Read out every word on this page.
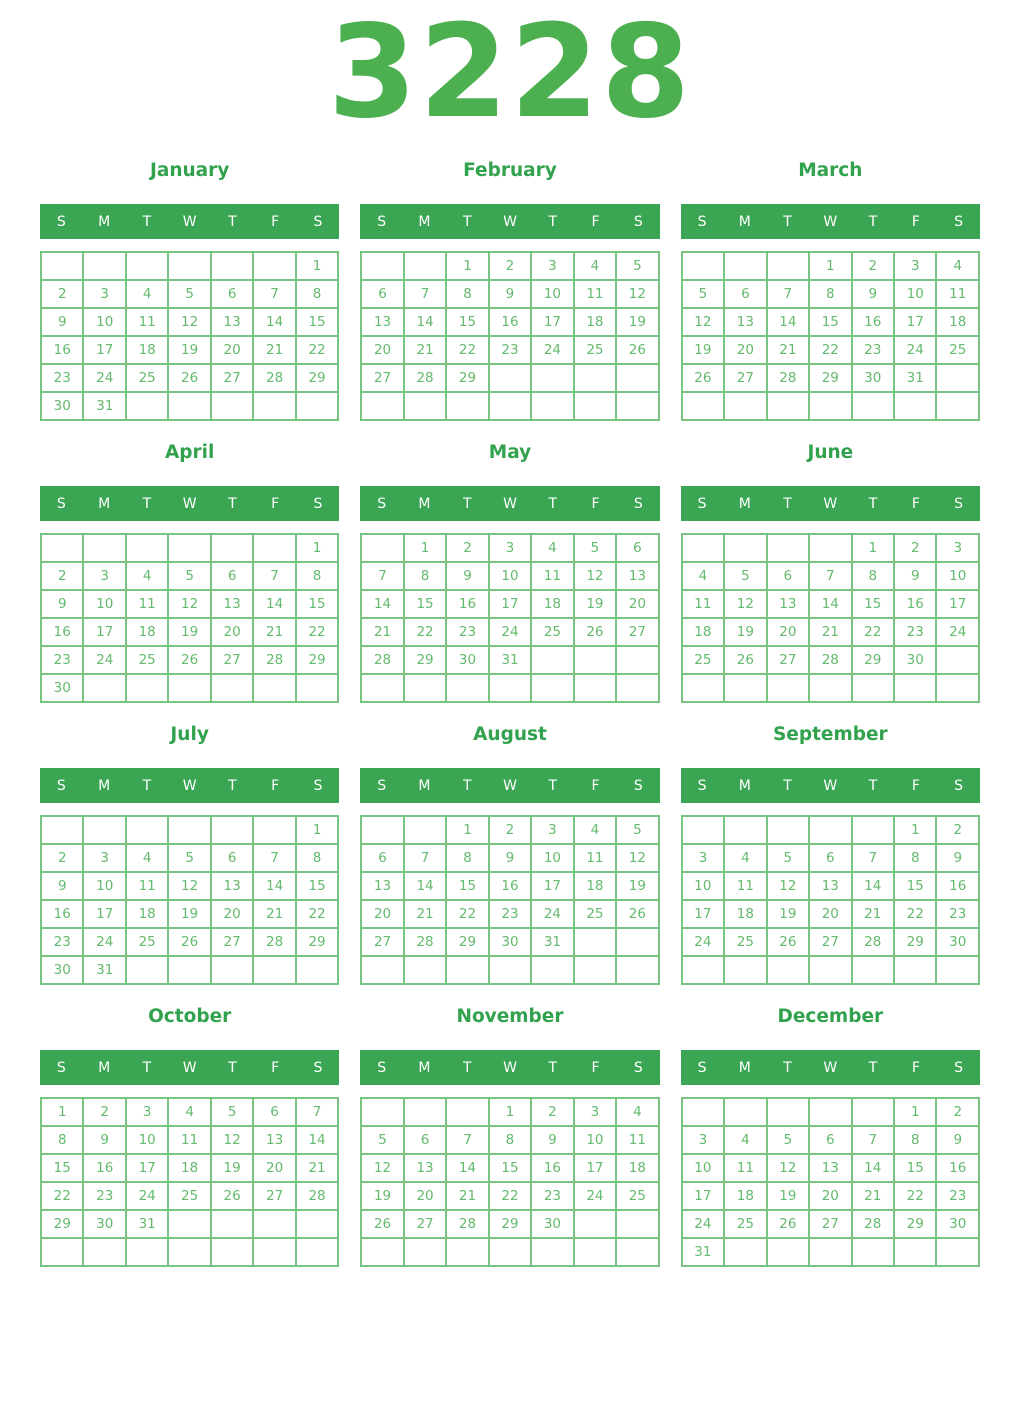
3228
January
S	M	T	W	T	F	S
						1
2	3	4	5	6	7	8
9	10	11	12	13	14	15
16	17	18	19	20	21	22
23	24	25	26	27	28	29
30	31					
February
S	M	T	W	T	F	S
		1	2	3	4	5
6	7	8	9	10	11	12
13	14	15	16	17	18	19
20	21	22	23	24	25	26
27	28	29				

March
S	M	T	W	T	F	S
			1	2	3	4
5	6	7	8	9	10	11
12	13	14	15	16	17	18
19	20	21	22	23	24	25
26	27	28	29	30	31	

April
S	M	T	W	T	F	S
						1
2	3	4	5	6	7	8
9	10	11	12	13	14	15
16	17	18	19	20	21	22
23	24	25	26	27	28	29
30						
May
S	M	T	W	T	F	S
	1	2	3	4	5	6
7	8	9	10	11	12	13
14	15	16	17	18	19	20
21	22	23	24	25	26	27
28	29	30	31			

June
S	M	T	W	T	F	S
				1	2	3
4	5	6	7	8	9	10
11	12	13	14	15	16	17
18	19	20	21	22	23	24
25	26	27	28	29	30	

July
S	M	T	W	T	F	S
						1
2	3	4	5	6	7	8
9	10	11	12	13	14	15
16	17	18	19	20	21	22
23	24	25	26	27	28	29
30	31					
August
S	M	T	W	T	F	S
		1	2	3	4	5
6	7	8	9	10	11	12
13	14	15	16	17	18	19
20	21	22	23	24	25	26
27	28	29	30	31		

September
S	M	T	W	T	F	S
					1	2
3	4	5	6	7	8	9
10	11	12	13	14	15	16
17	18	19	20	21	22	23
24	25	26	27	28	29	30

October
S	M	T	W	T	F	S
1	2	3	4	5	6	7
8	9	10	11	12	13	14
15	16	17	18	19	20	21
22	23	24	25	26	27	28
29	30	31				

November
S	M	T	W	T	F	S
			1	2	3	4
5	6	7	8	9	10	11
12	13	14	15	16	17	18
19	20	21	22	23	24	25
26	27	28	29	30		

December
S	M	T	W	T	F	S
					1	2
3	4	5	6	7	8	9
10	11	12	13	14	15	16
17	18	19	20	21	22	23
24	25	26	27	28	29	30
31						
